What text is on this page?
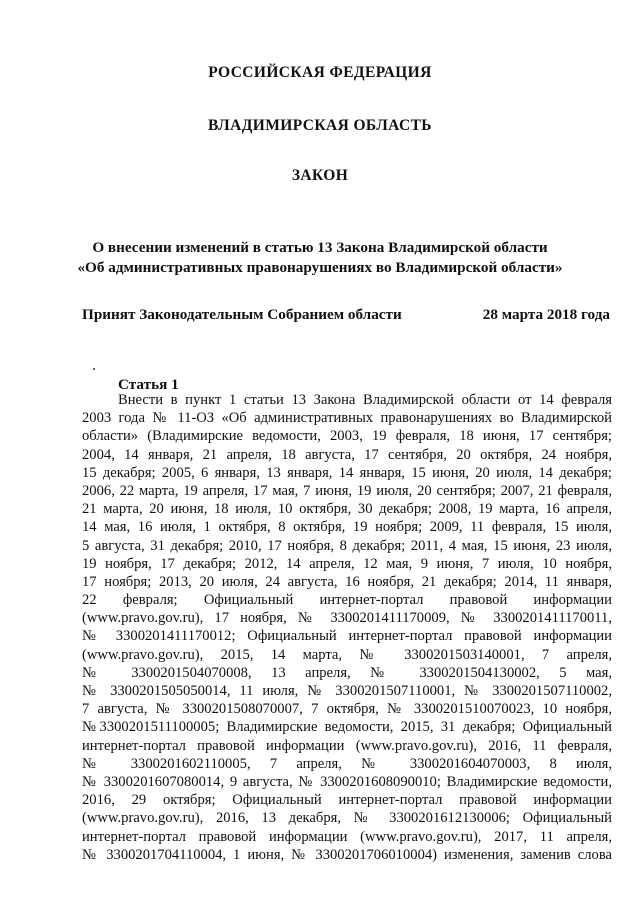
РОССИЙСКАЯ ФЕДЕРАЦИЯ
ВЛАДИМИРСКАЯ ОБЛАСТЬ
ЗАКОН
О внесении изменений в статью 13 Закона Владимирской области
«Об административных правонарушениях во Владимирской области»
Принят Законодательным Собранием области	28 марта 2018 года
Статья 1
Внести в пункт 1 статьи 13 Закона Владимирской области от 14 февраля
2003 года № 11-ОЗ «Об административных правонарушениях во Владимирской
области» (Владимирские ведомости, 2003, 19 февраля, 18 июня, 17 сентября;
2004, 14 января, 21 апреля, 18 августа, 17 сентября, 20 октября, 24 ноября,
15 декабря; 2005, 6 января, 13 января, 14 января, 15 июня, 20 июля, 14 декабря;
2006, 22 марта, 19 апреля, 17 мая, 7 июня, 19 июля, 20 сентября; 2007, 21 февраля,
21 марта, 20 июня, 18 июля, 10 октября, 30 декабря; 2008, 19 марта, 16 апреля,
14 мая, 16 июля, 1 октября, 8 октября, 19 ноября; 2009, 11 февраля, 15 июля,
5 августа, 31 декабря; 2010, 17 ноября, 8 декабря; 2011, 4 мая, 15 июня, 23 июля,
19 ноября, 17 декабря; 2012, 14 апреля, 12 мая, 9 июня, 7 июля, 10 ноября,
17 ноября; 2013, 20 июля, 24 августа, 16 ноября, 21 декабря; 2014, 11 января,
22 февраля; Официальный интернет-портал правовой информации
(www.pravo.gov.ru), 17 ноября, № 3300201411170009, № 3300201411170011,
№ 3300201411170012; Официальный интернет-портал правовой информации
(www.pravo.gov.ru), 2015, 14 марта, № 3300201503140001, 7 апреля,
№ 3300201504070008, 13 апреля, № 3300201504130002, 5 мая,
№ 3300201505050014, 11 июля, № 3300201507110001, № 3300201507110002,
7 августа, № 3300201508070007, 7 октября, № 3300201510070023, 10 ноября,
№3300201511100005; Владимирские ведомости, 2015, 31 декабря; Официальный
интернет-портал правовой информации (www.pravo.gov.ru), 2016, 11 февраля,
№ 3300201602110005, 7 апреля, № 3300201604070003, 8 июля,
№ 3300201607080014, 9 августа, № 3300201608090010; Владимирские ведомости,
2016, 29 октября; Официальный интернет-портал правовой информации
(www.pravo.gov.ru), 2016, 13 декабря, № 3300201612130006; Официальный
интернет-портал правовой информации (www.pravo.gov.ru), 2017, 11 апреля,
№ 3300201704110004, 1 июня, № 3300201706010004) изменения, заменив слова
